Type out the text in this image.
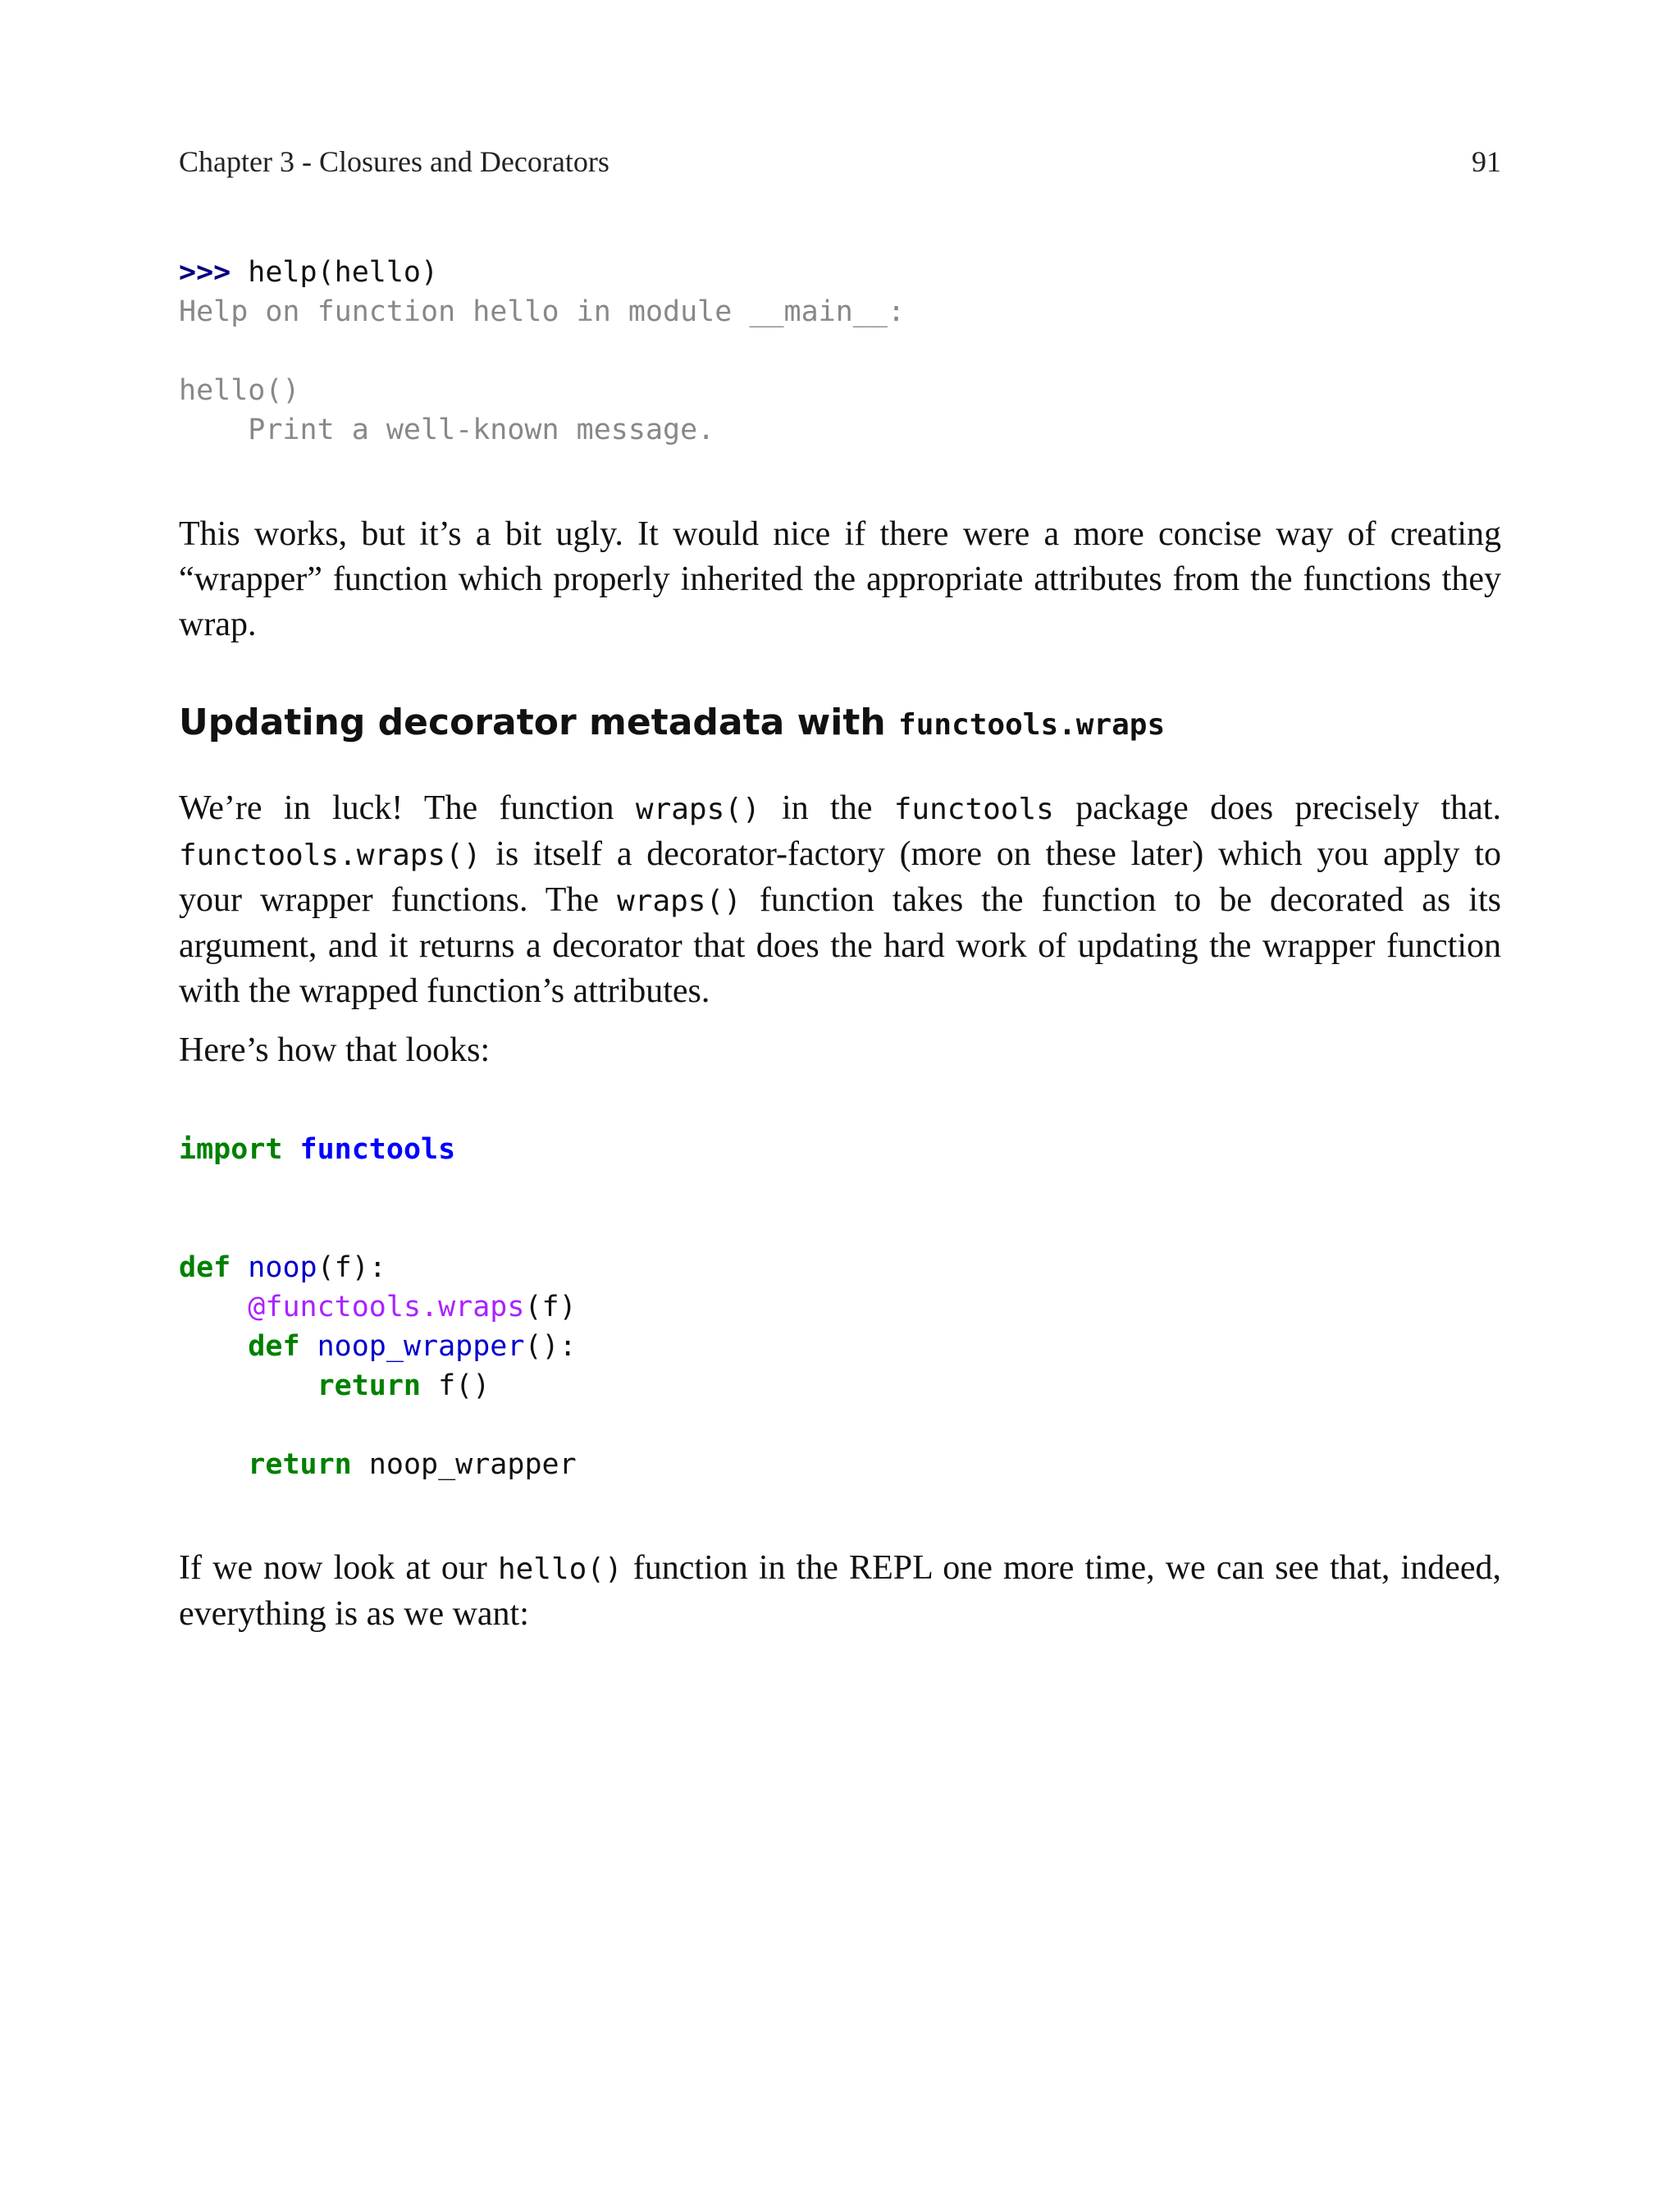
Chapter 3 - Closures and Decorators	91
>>> help(hello)
Help on function hello in module __main__:

hello()
Print a well-known message.

This works, but it’s a bit ugly. It would nice if there were a more concise way of creating “wrapper” function which properly inherited the appropriate attributes from the functions they wrap.

Updating decorator metadata with functools.wraps

We’re in luck! The function wraps() in the functools package does precisely that. functools.wraps() is itself a decorator-factory (more on these later) which you apply to your wrapper functions. The wraps() function takes the function to be decorated as its argument, and it returns a decorator that does the hard work of updating the wrapper function with the wrapped function’s attributes.

Here’s how that looks:

import functools

def noop(f):
@functools.wraps(f)
def noop_wrapper():
return f()

return noop_wrapper

If we now look at our hello() function in the REPL one more time, we can see that, indeed, everything is as we want:
